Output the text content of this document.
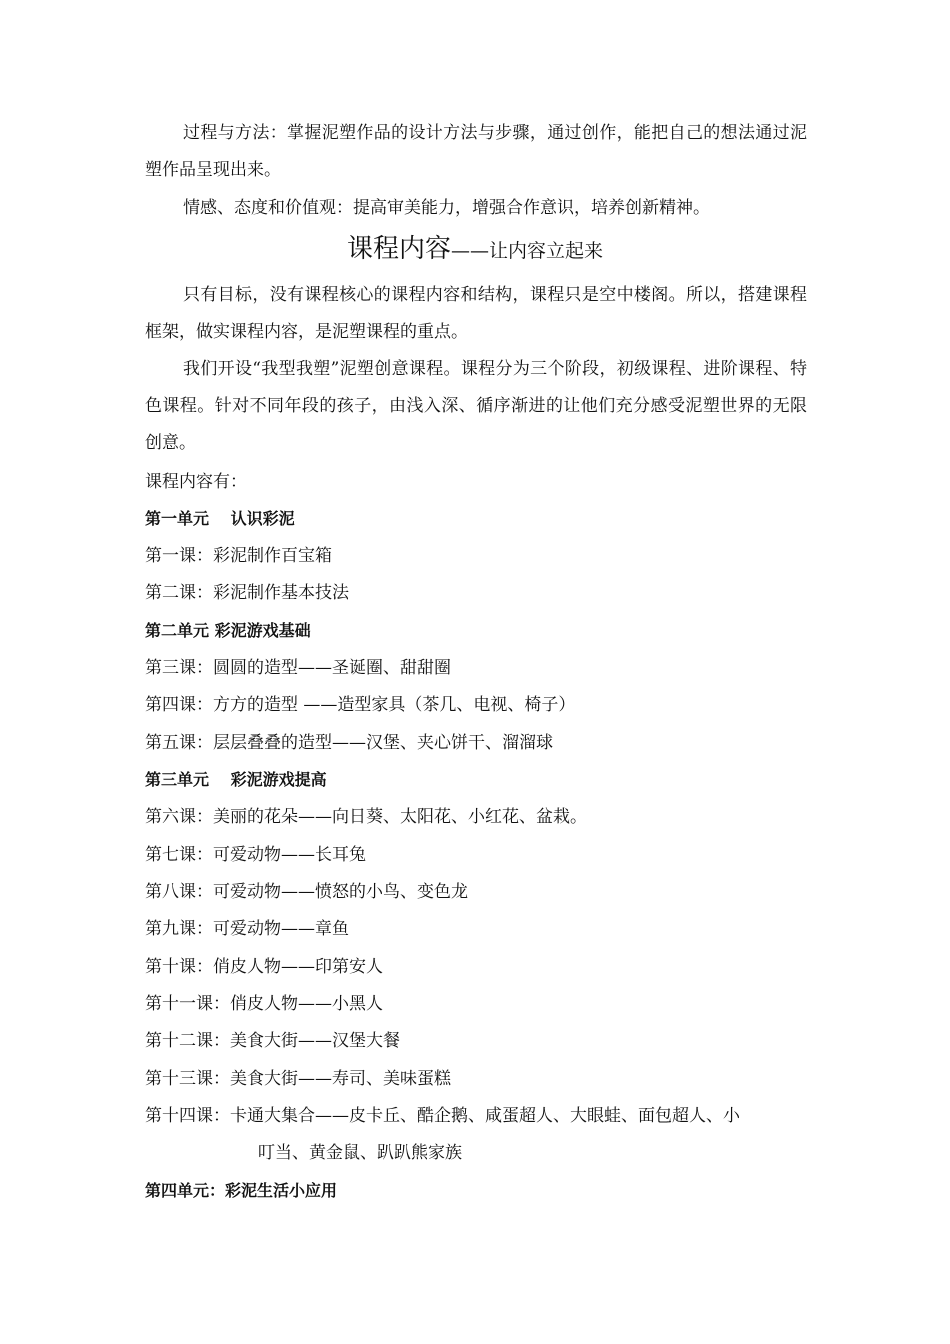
过程与方法：掌握泥塑作品的设计方法与步骤，通过创作，能把自己的想法通过泥塑作品呈现出来。

情感、态度和价值观：提高审美能力，增强合作意识，培养创新精神。

课程内容——让内容立起来

只有目标，没有课程核心的课程内容和结构，课程只是空中楼阁。所以，搭建课程框架，做实课程内容，是泥塑课程的重点。

我们开设“我型我塑”泥塑创意课程。课程分为三个阶段，初级课程、进阶课程、特色课程。针对不同年段的孩子，由浅入深、循序渐进的让他们充分感受泥塑世界的无限创意。

课程内容有：
第一单元　 认识彩泥
第一课：彩泥制作百宝箱
第二课：彩泥制作基本技法
第二单元 彩泥游戏基础
第三课：圆圆的造型——圣诞圈、甜甜圈
第四课：方方的造型 ——造型家具（茶几、电视、椅子）
第五课：层层叠叠的造型——汉堡、夹心饼干、溜溜球
第三单元　 彩泥游戏提高
第六课：美丽的花朵——向日葵、太阳花、小红花、盆栽。
第七课：可爱动物——长耳兔
第八课：可爱动物——愤怒的小鸟、变色龙
第九课：可爱动物——章鱼
第十课：俏皮人物——印第安人
第十一课：俏皮人物——小黑人
第十二课：美食大街——汉堡大餐
第十三课：美食大街——寿司、美味蛋糕
第十四课：卡通大集合——皮卡丘、酷企鹅、咸蛋超人、大眼蛙、面包超人、小
叮当、黄金鼠、趴趴熊家族
第四单元：彩泥生活小应用
